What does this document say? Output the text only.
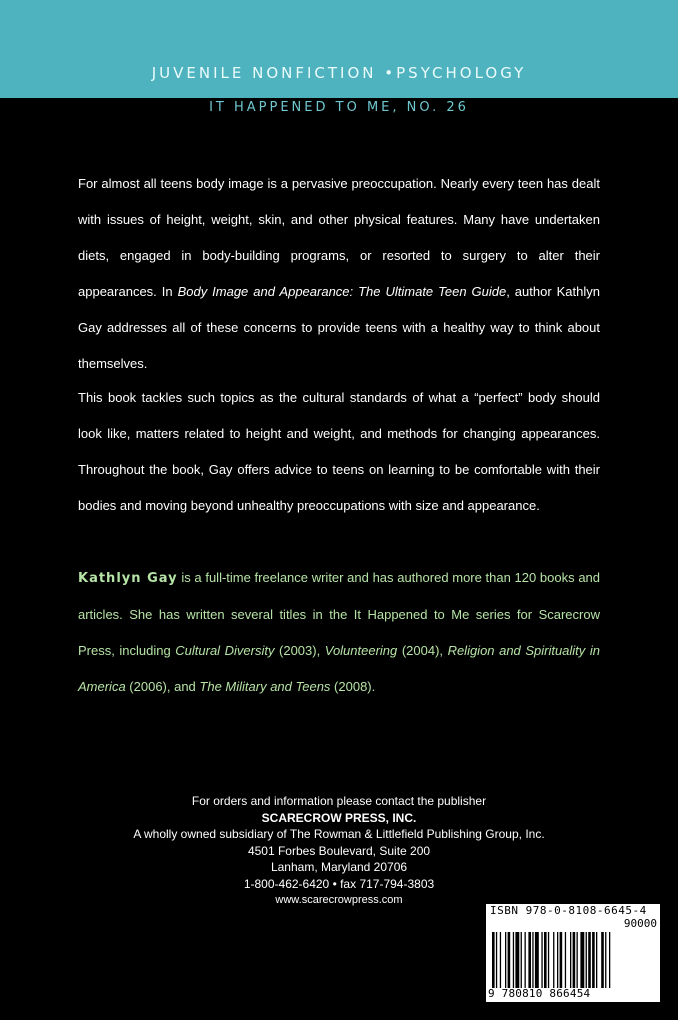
JUVENILE NONFICTION •PSYCHOLOGY
IT HAPPENED TO ME, NO. 26
For almost all teens body image is a pervasive preoccupation. Nearly every teen has dealt with issues of height, weight, skin, and other physical features. Many have undertaken diets, engaged in body-building programs, or resorted to surgery to alter their appearances. In Body Image and Appearance: The Ultimate Teen Guide, author Kathlyn Gay addresses all of these concerns to provide teens with a healthy way to think about themselves.
This book tackles such topics as the cultural standards of what a “perfect” body should look like, matters related to height and weight, and methods for changing appearances. Throughout the book, Gay offers advice to teens on learning to be comfortable with their bodies and moving beyond unhealthy preoccupations with size and appearance.
Kathlyn Gay is a full-time freelance writer and has authored more than 120 books and articles. She has written several titles in the It Happened to Me series for Scarecrow Press, including Cultural Diversity (2003), Volunteering (2004), Religion and Spirituality in America (2006), and The Military and Teens (2008).
For orders and information please contact the publisher
SCARECROW PRESS, INC.
A wholly owned subsidiary of The Rowman & Littlefield Publishing Group, Inc.
4501 Forbes Boulevard, Suite 200
Lanham, Maryland 20706
1-800-462-6420 • fax 717-794-3803
www.scarecrowpress.com
ISBN 978-0-8108-6645-4
90000
9 780810 866454
